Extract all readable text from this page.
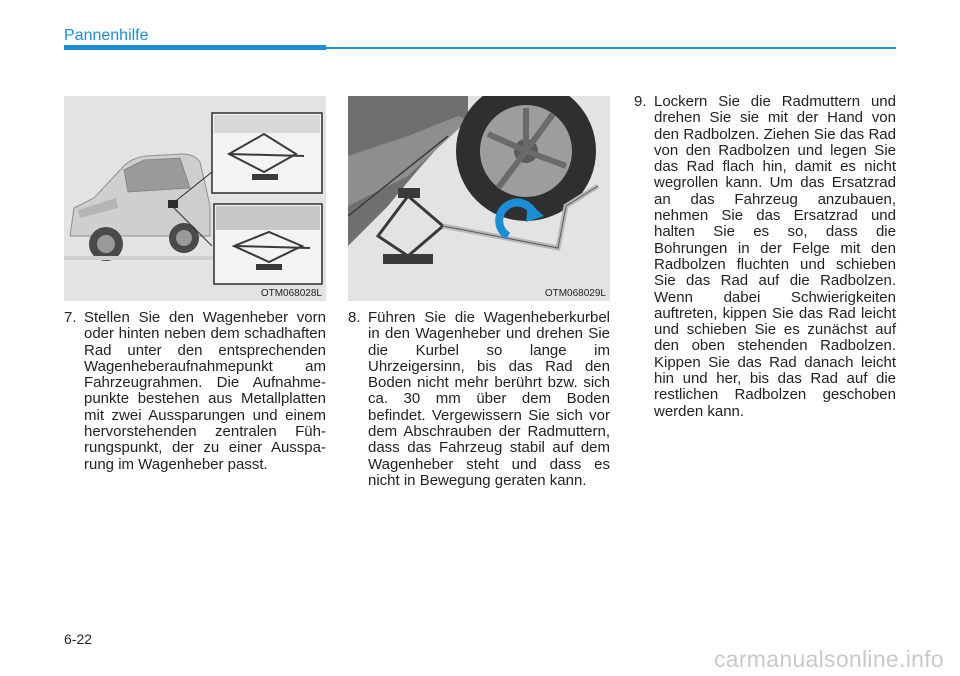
Pannenhilfe
OTM068028L	OTM068029L
7. Stellen Sie den Wagenheber vorn oder hinten neben dem schadhaften Rad unter den entsprechenden Wagenheberaufnahmepunkt am Fahrzeugrahmen. Die Aufnahmepunkte bestehen aus Metallplatten mit zwei Aussparungen und einem hervorstehenden zentralen Führungspunkt, der zu einer Aussparung im Wagenheber passt.
8. Führen Sie die Wagenheberkurbel in den Wagenheber und drehen Sie die Kurbel so lange im Uhrzeigersinn, bis das Rad den Boden nicht mehr berührt bzw. sich ca. 30 mm über dem Boden befindet. Vergewissern Sie sich vor dem Abschrauben der Radmuttern, dass das Fahrzeug stabil auf dem Wagenheber steht und dass es nicht in Bewegung geraten kann.
9. Lockern Sie die Radmuttern und drehen Sie sie mit der Hand von den Radbolzen. Ziehen Sie das Rad von den Radbolzen und legen Sie das Rad flach hin, damit es nicht wegrollen kann. Um das Ersatzrad an das Fahrzeug anzubauen, nehmen Sie das Ersatzrad und halten Sie es so, dass die Bohrungen in der Felge mit den Radbolzen fluchten und schieben Sie das Rad auf die Radbolzen. Wenn dabei Schwierigkeiten auftreten, kippen Sie das Rad leicht und schieben Sie es zunächst auf den oben stehenden Radbolzen. Kippen Sie das Rad danach leicht hin und her, bis das Rad auf die restlichen Radbolzen geschoben werden kann.
6-22
carmanualsonline.info
